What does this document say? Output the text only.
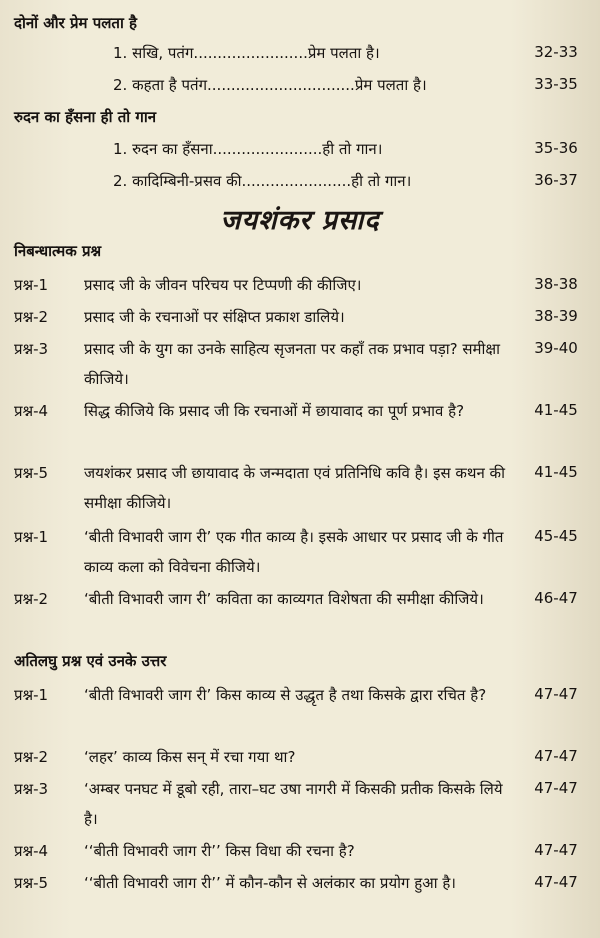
दोनों और प्रेम पलता है
1. सखि, पतंग........................प्रेम पलता है।	32-33
2. कहता है पतंग...............................प्रेम पलता है।	33-35
रुदन का हँसना ही तो गान
1. रुदन का हँसना.......................ही तो गान।	35-36
2. कादिम्बिनी-प्रसव की.......................ही तो गान।	36-37
जयशंकर प्रसाद
निबन्धात्मक प्रश्न
प्रश्न-1 प्रसाद जी के जीवन परिचय पर टिप्पणी की कीजिए।	38-38
प्रश्न-2 प्रसाद जी के रचनाओं पर संक्षिप्त प्रकाश डालिये।	38-39
प्रश्न-3 प्रसाद जी के युग का उनके साहित्य सृजनता पर कहाँ तक प्रभाव पड़ा? समीक्षा कीजिये।
39-40
प्रश्न-4 सिद्ध कीजिये कि प्रसाद जी कि रचनाओं में छायावाद का पूर्ण प्रभाव है?	41-45
प्रश्न-5 जयशंकर प्रसाद जी छायावाद के जन्मदाता एवं प्रतिनिधि कवि है। इस कथन की समीक्षा कीजिये।
41-45
प्रश्न-1 ‘बीती विभावरी जाग री’ एक गीत काव्य है। इसके आधार पर प्रसाद जी के गीत काव्य कला को विवेचना कीजिये।
45-45
प्रश्न-2 ‘बीती विभावरी जाग री’ कविता का काव्यगत विशेषता की समीक्षा कीजिये।	46-47
अतिलघु प्रश्न एवं उनके उत्तर
प्रश्न-1 ‘बीती विभावरी जाग री’ किस काव्य से उद्धृत है तथा किसके द्वारा रचित है?	47-47
प्रश्न-2 ‘लहर’ काव्य किस सन् में रचा गया था?	47-47
प्रश्न-3 ‘अम्बर पनघट में डूबो रही, तारा–घट उषा नागरी में किसकी प्रतीक किसके लिये है।
47-47
प्रश्न-4 ‘‘बीती विभावरी जाग री’’ किस विधा की रचना है?	47-47
प्रश्न-5 ‘‘बीती विभावरी जाग री’’ में कौन-कौन से अलंकार का प्रयोग हुआ है।	47-47
